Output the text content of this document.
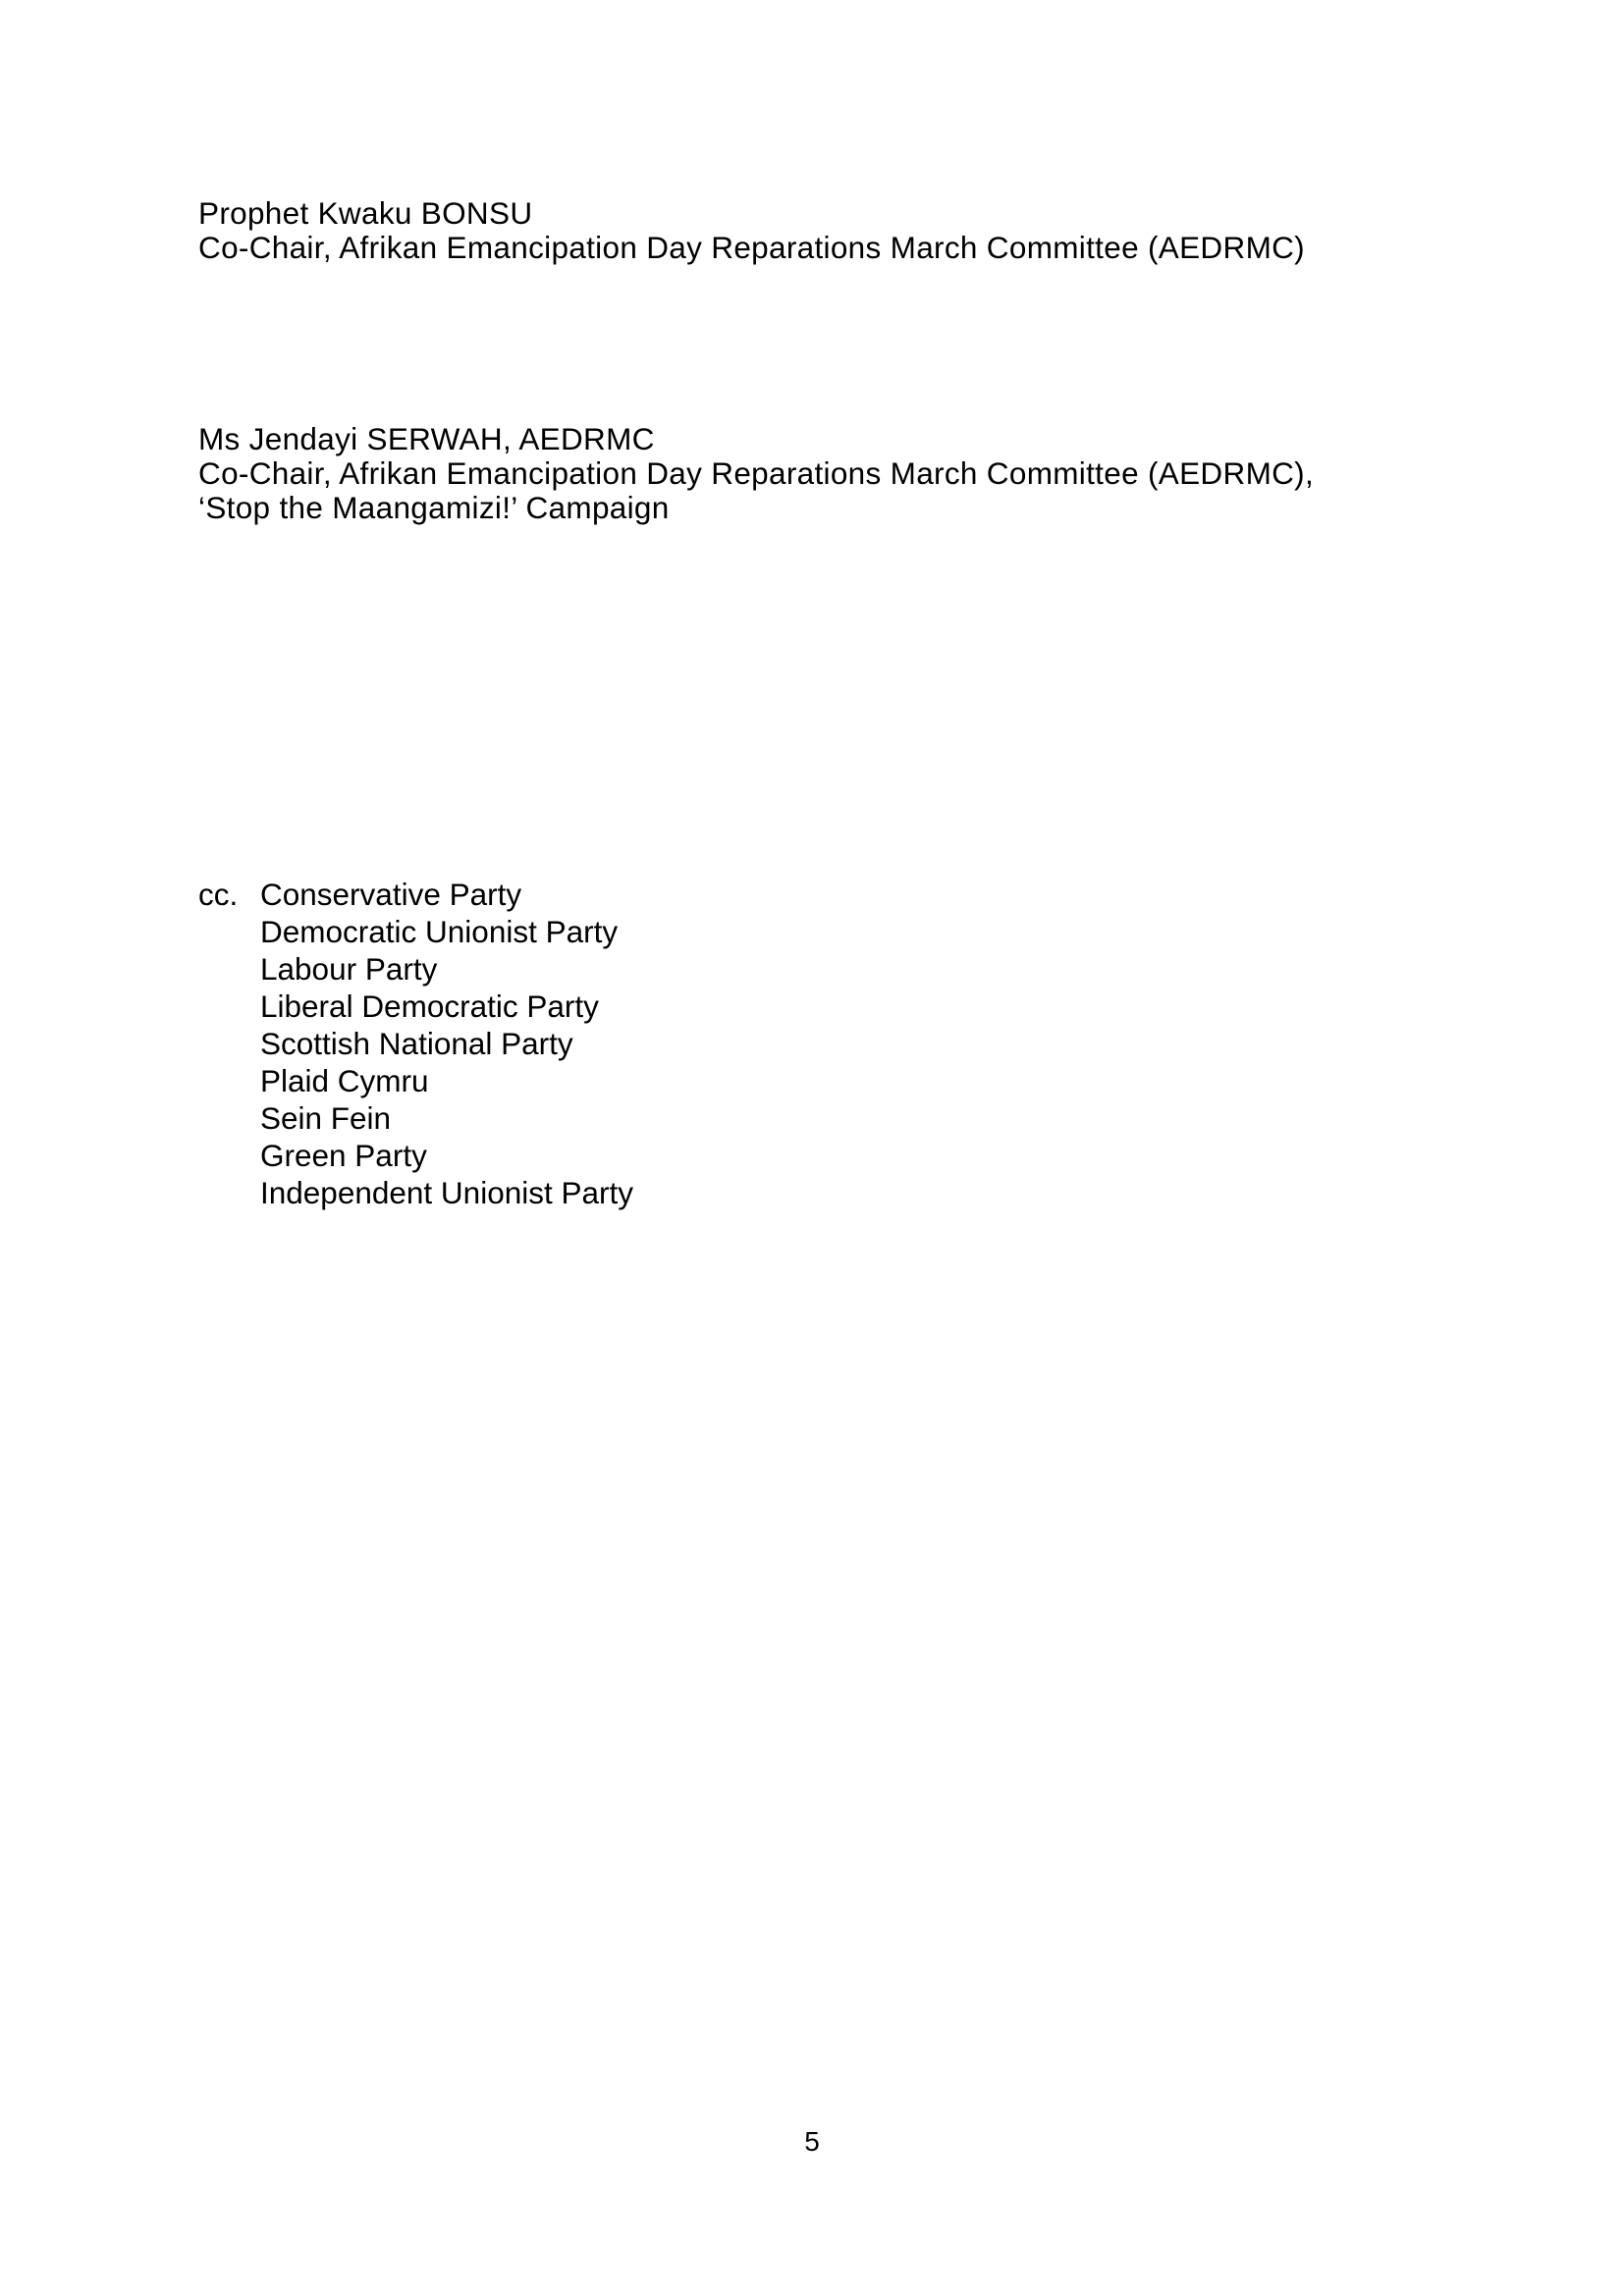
Prophet Kwaku BONSU
Co-Chair, Afrikan Emancipation Day Reparations March Committee (AEDRMC)
Ms Jendayi SERWAH, AEDRMC
Co-Chair, Afrikan Emancipation Day Reparations March Committee (AEDRMC),
‘Stop the Maangamizi!’ Campaign
cc. Conservative Party
Democratic Unionist Party
Labour Party
Liberal Democratic Party
Scottish National Party
Plaid Cymru
Sein Fein
Green Party
Independent Unionist Party
5
